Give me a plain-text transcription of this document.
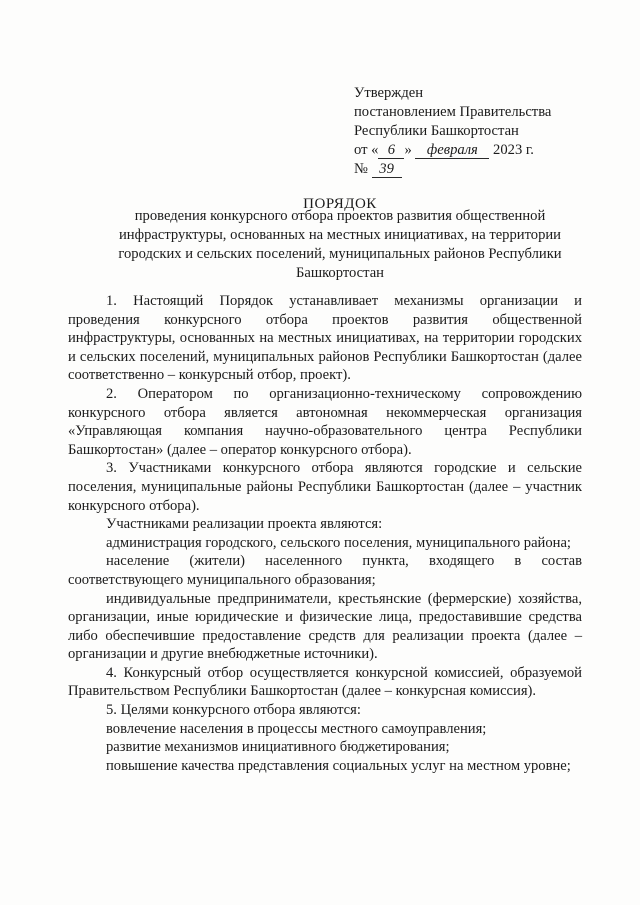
Утвержден
постановлением Правительства
Республики Башкортостан
от « 6 » февраля 2023 г.
№ 39
ПОРЯДОК
проведения конкурсного отбора проектов развития общественной инфраструктуры, основанных на местных инициативах, на территории городских и сельских поселений, муниципальных районов Республики Башкортостан

1. Настоящий Порядок устанавливает механизмы организации и проведения конкурсного отбора проектов развития общественной инфраструктуры, основанных на местных инициативах, на территории городских и сельских поселений, муниципальных районов Республики Башкортостан (далее соответственно – конкурсный отбор, проект).

2. Оператором по организационно-техническому сопровождению конкурсного отбора является автономная некоммерческая организация «Управляющая компания научно-образовательного центра Республики Башкортостан» (далее – оператор конкурсного отбора).

3. Участниками конкурсного отбора являются городские и сельские поселения, муниципальные районы Республики Башкортостан (далее – участник конкурсного отбора).

Участниками реализации проекта являются:

администрация городского, сельского поселения, муниципального района;

население (жители) населенного пункта, входящего в состав соответствующего муниципального образования;

индивидуальные предприниматели, крестьянские (фермерские) хозяйства, организации, иные юридические и физические лица, предоставившие средства либо обеспечившие предоставление средств для реализации проекта (далее – организации и другие внебюджетные источники).

4. Конкурсный отбор осуществляется конкурсной комиссией, образуемой Правительством Республики Башкортостан (далее – конкурсная комиссия).

5. Целями конкурсного отбора являются:

вовлечение населения в процессы местного самоуправления;

развитие механизмов инициативного бюджетирования;

повышение качества представления социальных услуг на местном уровне;
